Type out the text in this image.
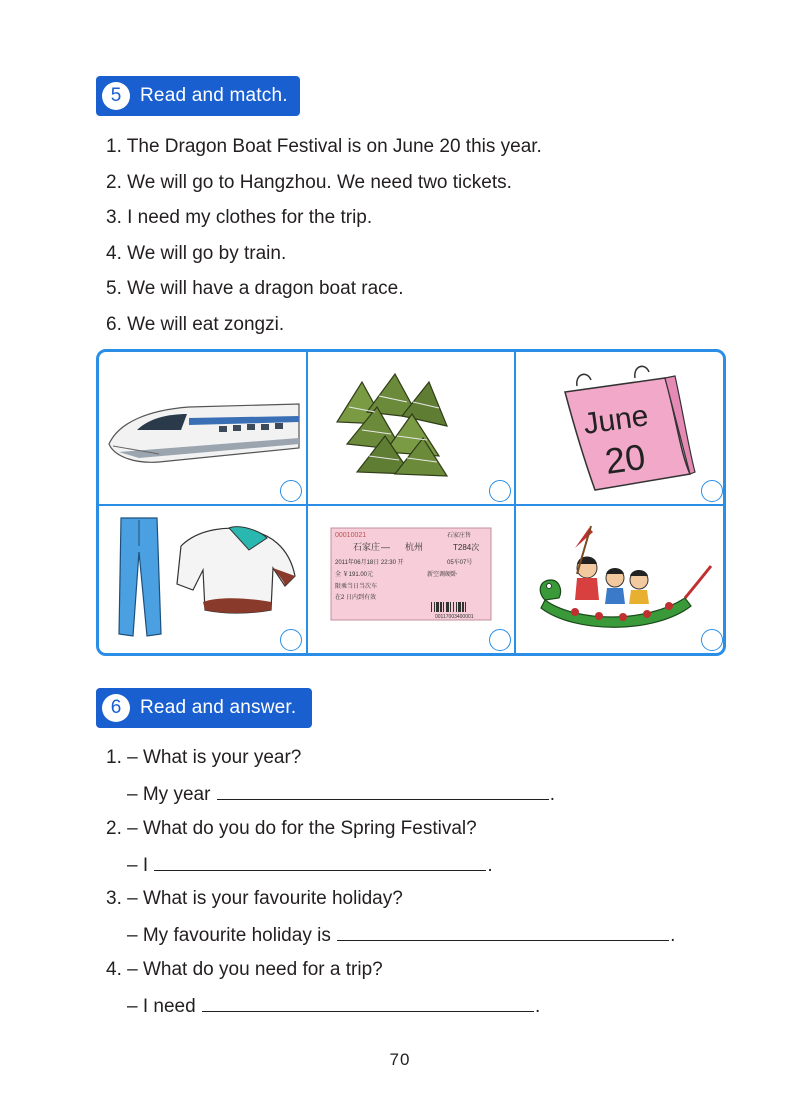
5 Read and match.
1. The Dragon Boat Festival is on June 20 this year.
2. We will go to Hangzhou. We need two tickets.
3. I need my clothes for the trip.
4. We will go by train.
5. We will have a dragon boat race.
6. We will eat zongzi.
June
20
00010021	石家庄售
石家庄 — 杭州	T284次
2011年06月18日 22:30 开	05车07号
全 ￥191.00元	新空调硬卧
限乘当日当次车
在2 日内到有效
00117003400001
6 Read and answer.
1. – What is your year?
– My year	.
2. – What do you do for the Spring Festival?
– I	.
3. – What is your favourite holiday?
– My favourite holiday is	.
4. – What do you need for a trip?
– I need	.
70
